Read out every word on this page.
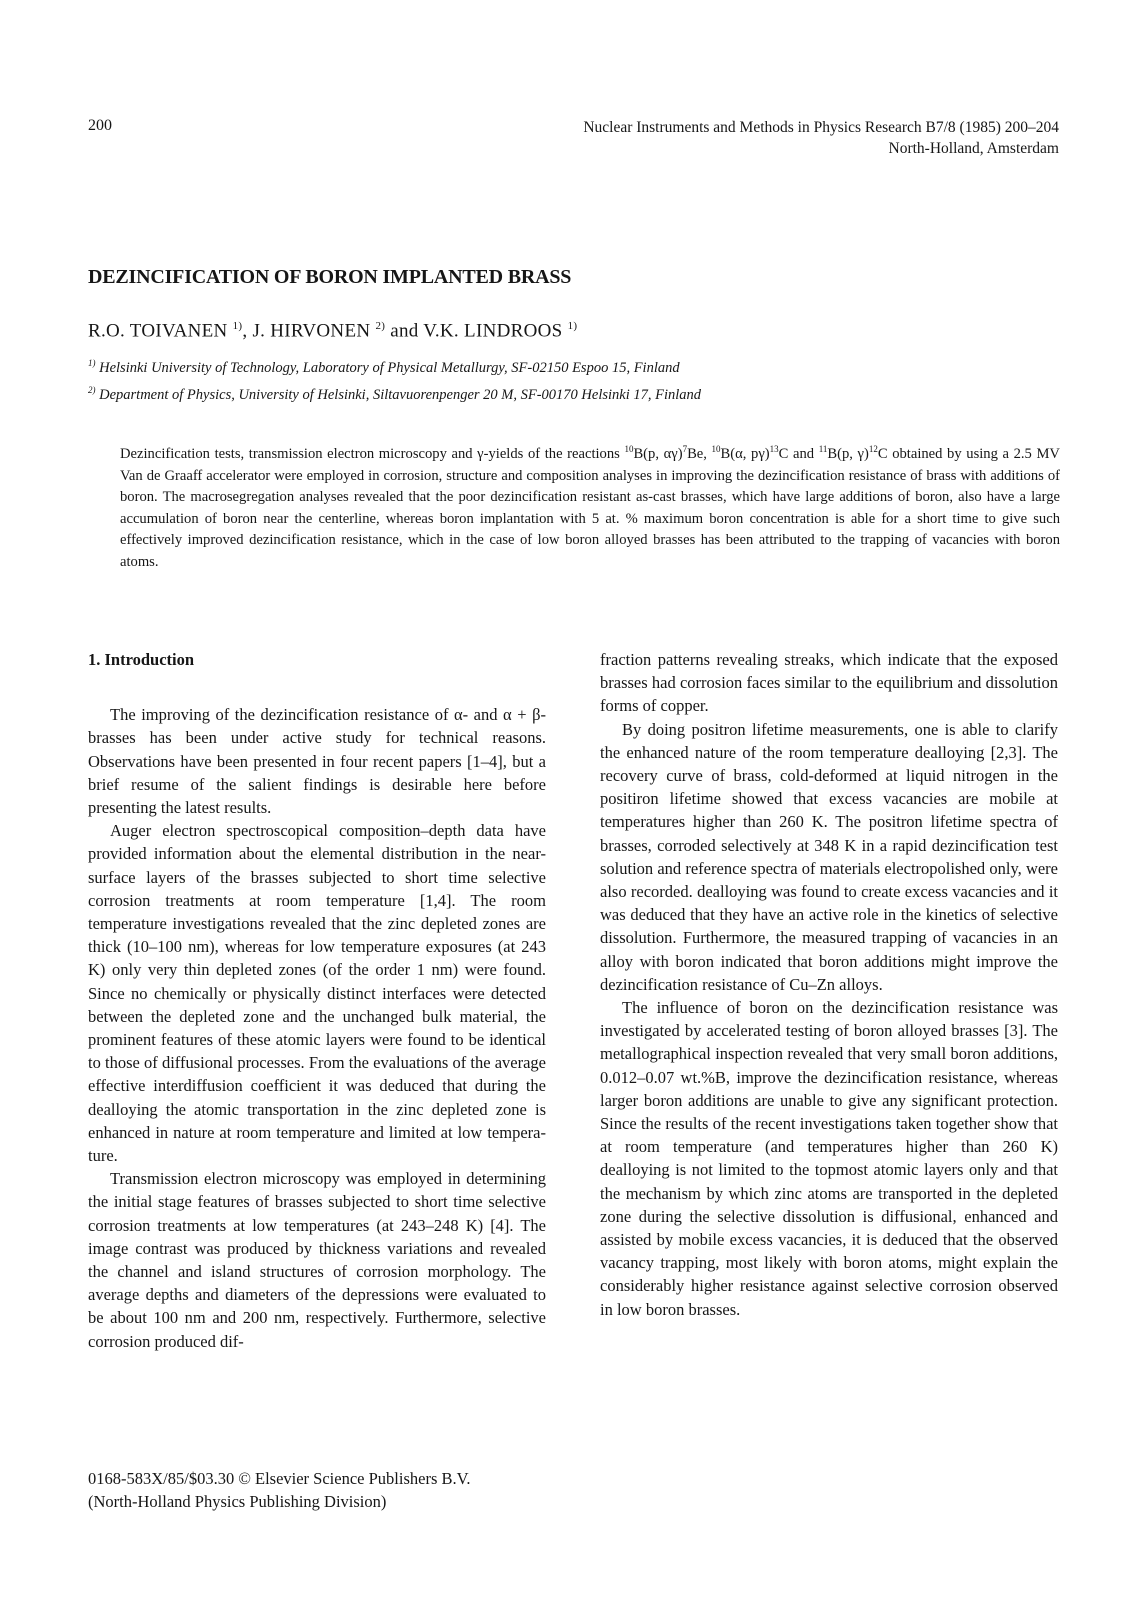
200	Nuclear Instruments and Methods in Physics Research B7/8 (1985) 200–204
North-Holland, Amsterdam
DEZINCIFICATION OF BORON IMPLANTED BRASS
R.O. TOIVANEN $^{1)}$, J. HIRVONEN $^{2)}$ and V.K. LINDROOS $^{1)}$
$^{1)}$ Helsinki University of Technology, Laboratory of Physical Metallurgy, SF-02150 Espoo 15, Finland
$^{2)}$ Department of Physics, University of Helsinki, Siltavuorenpenger 20 M, SF-00170 Helsinki 17, Finland
Dezincification tests, transmission electron microscopy and γ-yields of the reactions $^{10}$B(p, αγ)$^7$Be, $^{10}$B(α, pγ)$^{13}$C and $^{11}$B(p, γ)$^{12}$C obtained by using a 2.5 MV Van de Graaff accelerator were employed in corrosion, structure and composition analyses in improving the dezincification resistance of brass with additions of boron. The macrosegregation analyses revealed that the poor dezincification resistant as-cast brasses, which have large additions of boron, also have a large accumulation of boron near the centerline, whereas boron implantation with 5 at. % maximum boron concentration is able for a short time to give such effectively improved dezincification resistance, which in the case of low boron alloyed brasses has been attributed to the trapping of vacancies with boron atoms.
1. Introduction

The improving of the dezincification resistance of α- and α + β-brasses has been under active study for technical reasons. Observations have been presented in four recent papers [1–4], but a brief resume of the salient findings is desirable here before presenting the latest results.

Auger electron spectroscopical composition–depth data have provided information about the elemental distribution in the near-surface layers of the brasses subjected to short time selective corrosion treatments at room temperature [1,4]. The room temperature investigations revealed that the zinc depleted zones are thick (10–100 nm), whereas for low temperature exposures (at 243 K) only very thin depleted zones (of the order 1 nm) were found. Since no chemically or physically distinct interfaces were detected between the depleted zone and the unchanged bulk material, the prominent features of these atomic layers were found to be identical to those of diffusional processes. From the evaluations of the average effective interdiffusion coefficient it was deduced that during the dealloying the atomic transportation in the zinc depleted zone is enhanced in nature at room temperature and limited at low temperature.

Transmission electron microscopy was employed in determining the initial stage features of brasses subjected to short time selective corrosion treatments at low temperatures (at 243–248 K) [4]. The image contrast was produced by thickness variations and revealed the channel and island structures of corrosion morphology. The average depths and diameters of the depressions were evaluated to be about 100 nm and 200 nm, respectively. Furthermore, selective corrosion produced dif-

fraction patterns revealing streaks, which indicate that the exposed brasses had corrosion faces similar to the equilibrium and dissolution forms of copper.

By doing positron lifetime measurements, one is able to clarify the enhanced nature of the room temperature dealloying [2,3]. The recovery curve of brass, cold-deformed at liquid nitrogen in the positiron lifetime showed that excess vacancies are mobile at temperatures higher than 260 K. The positron lifetime spectra of brasses, corroded selectively at 348 K in a rapid dezincification test solution and reference spectra of materials electropolished only, were also recorded. dealloying was found to create excess vacancies and it was deduced that they have an active role in the kinetics of selective dissolution. Furthermore, the measured trapping of vacancies in an alloy with boron indicated that boron additions might improve the dezincification resistance of Cu–Zn alloys.

The influence of boron on the dezincification resistance was investigated by accelerated testing of boron alloyed brasses [3]. The metallographical inspection revealed that very small boron additions, 0.012–0.07 wt.%B, improve the dezincification resistance, whereas larger boron additions are unable to give any significant protection. Since the results of the recent investigations taken together show that at room temperature (and temperatures higher than 260 K) dealloying is not limited to the topmost atomic layers only and that the mechanism by which zinc atoms are transported in the depleted zone during the selective dissolution is diffusional, enhanced and assisted by mobile excess vacancies, it is deduced that the observed vacancy trapping, most likely with boron atoms, might explain the considerably higher resistance against selective corrosion observed in low boron brasses.

0168-583X/85/$03.30 © Elsevier Science Publishers B.V.
(North-Holland Physics Publishing Division)
